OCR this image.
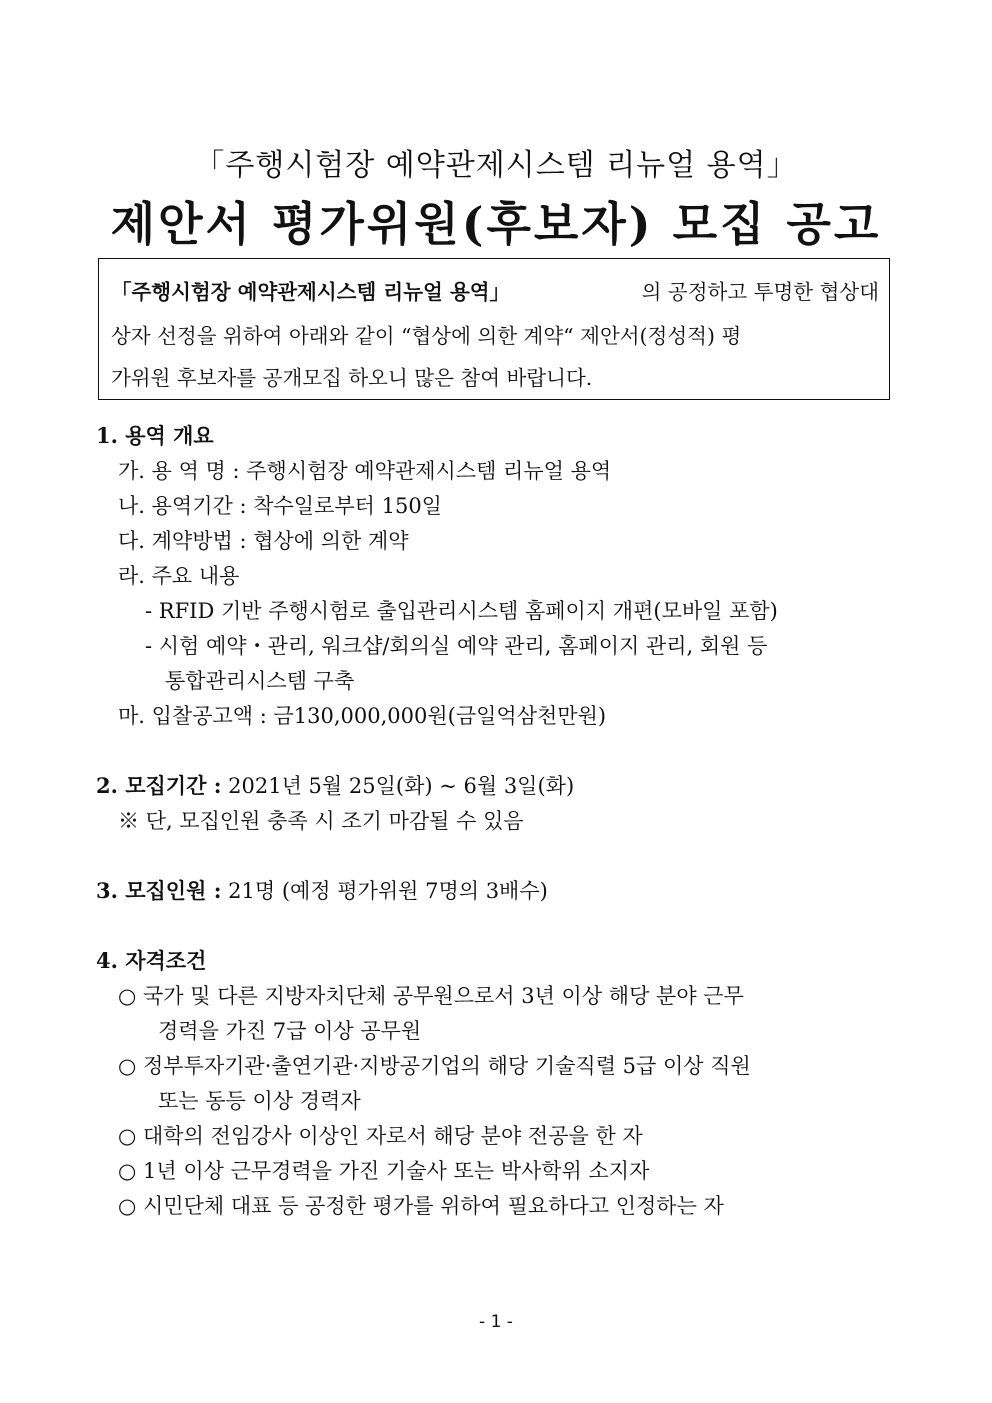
「주행시험장 예약관제시스템 리뉴얼 용역」
제안서 평가위원(후보자) 모집 공고
「주행시험장 예약관제시스템 리뉴얼 용역」	의 공정하고 투명한 협상대
상자 선정을 위하여 아래와 같이 “협상에 의한 계약“ 제안서(정성적) 평
가위원 후보자를 공개모집 하오니 많은 참여 바랍니다.
1. 용역 개요
가. 용 역 명 : 주행시험장 예약관제시스템 리뉴얼 용역
나. 용역기간 : 착수일로부터 150일
다. 계약방법 : 협상에 의한 계약
라. 주요 내용
- RFID 기반 주행시험로 출입관리시스템 홈페이지 개편(모바일 포함)
- 시험 예약・관리, 워크샵/회의실 예약 관리, 홈페이지 관리, 회원 등
통합관리시스템 구축
마. 입찰공고액 : 금130,000,000원(금일억삼천만원)
2. 모집기간 : 2021년 5월 25일(화) ~ 6월 3일(화)
※ 단, 모집인원 충족 시 조기 마감될 수 있음
3. 모집인원 : 21명 (예정 평가위원 7명의 3배수)
4. 자격조건
○ 국가 및 다른 지방자치단체 공무원으로서 3년 이상 해당 분야 근무
경력을 가진 7급 이상 공무원
○ 정부투자기관·출연기관·지방공기업의 해당 기술직렬 5급 이상 직원
또는 동등 이상 경력자
○ 대학의 전임강사 이상인 자로서 해당 분야 전공을 한 자
○ 1년 이상 근무경력을 가진 기술사 또는 박사학위 소지자
○ 시민단체 대표 등 공정한 평가를 위하여 필요하다고 인정하는 자
- 1 -
